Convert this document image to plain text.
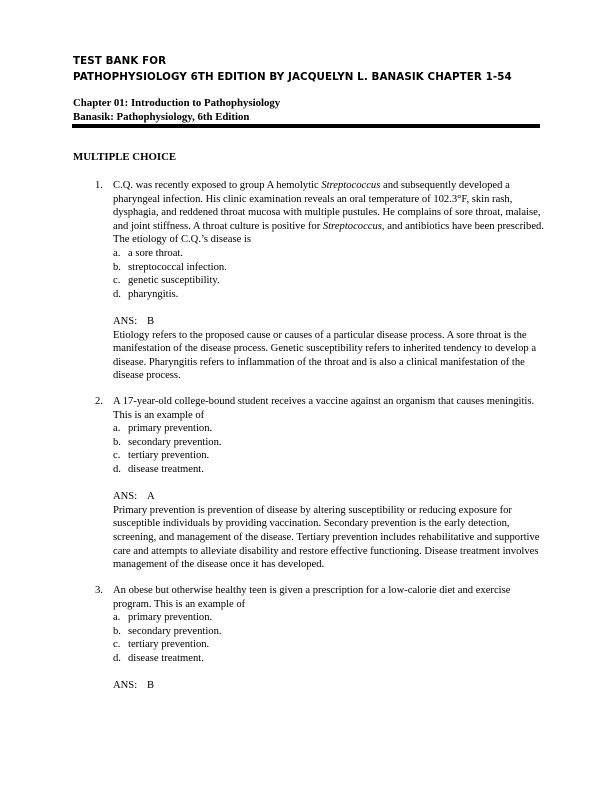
TEST BANK FOR
PATHOPHYSIOLOGY 6TH EDITION BY JACQUELYN L. BANASIK CHAPTER 1-54
Chapter 01: Introduction to Pathophysiology
Banasik: Pathophysiology, 6th Edition
MULTIPLE CHOICE
1. C.Q. was recently exposed to group A hemolytic Streptococcus and subsequently developed a pharyngeal infection. His clinic examination reveals an oral temperature of 102.3°F, skin rash, dysphagia, and reddened throat mucosa with multiple pustules. He complains of sore throat, malaise, and joint stiffness. A throat culture is positive for Streptococcus, and antibiotics have been prescribed. The etiology of C.Q.’s disease is

a. a sore throat.
b. streptococcal infection.
c. genetic susceptibility.
d. pharyngitis.
ANS: B

Etiology refers to the proposed cause or causes of a particular disease process. A sore throat is the manifestation of the disease process. Genetic susceptibility refers to inherited tendency to develop a disease. Pharyngitis refers to inflammation of the throat and is also a clinical manifestation of the disease process.

2. A 17-year-old college-bound student receives a vaccine against an organism that causes meningitis. This is an example of

a. primary prevention.
b. secondary prevention.
c. tertiary prevention.
d. disease treatment.
ANS: A

Primary prevention is prevention of disease by altering susceptibility or reducing exposure for susceptible individuals by providing vaccination. Secondary prevention is the early detection, screening, and management of the disease. Tertiary prevention includes rehabilitative and supportive care and attempts to alleviate disability and restore effective functioning. Disease treatment involves management of the disease once it has developed.

3. An obese but otherwise healthy teen is given a prescription for a low-calorie diet and exercise program. This is an example of

a. primary prevention.
b. secondary prevention.
c. tertiary prevention.
d. disease treatment.
ANS: B
